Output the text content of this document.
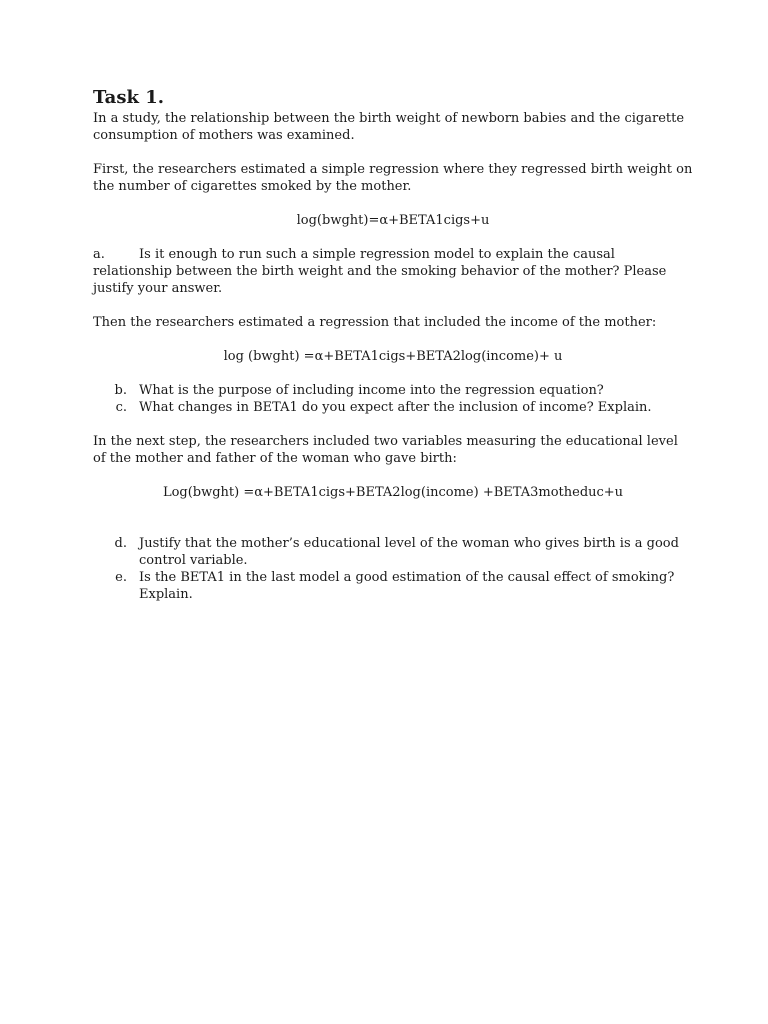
Task 1.

In a study, the relationship between the birth weight of newborn babies and the cigarette consumption of mothers was examined.

First, the researchers estimated a simple regression where they regressed birth weight on the number of cigarettes smoked by the mother.

log(bwght)=α+BETA1cigs+u

a.	Is it enough to run such a simple regression model to explain the causal relationship between the birth weight and the smoking behavior of the mother? Please justify your answer.

Then the researchers estimated a regression that included the income of the mother:

log (bwght) =α+BETA1cigs+BETA2log(income)+ u
b. What is the purpose of including income into the regression equation?
c. What changes in BETA1 do you expect after the inclusion of income? Explain.

In the next step, the researchers included two variables measuring the educational level of the mother and father of the woman who gave birth:

Log(bwght) =α+BETA1cigs+BETA2log(income) +BETA3motheduc+u
d. Justify that the mother’s educational level of the woman who gives birth is a good control variable.
e. Is the BETA1 in the last model a good estimation of the causal effect of smoking? Explain.
